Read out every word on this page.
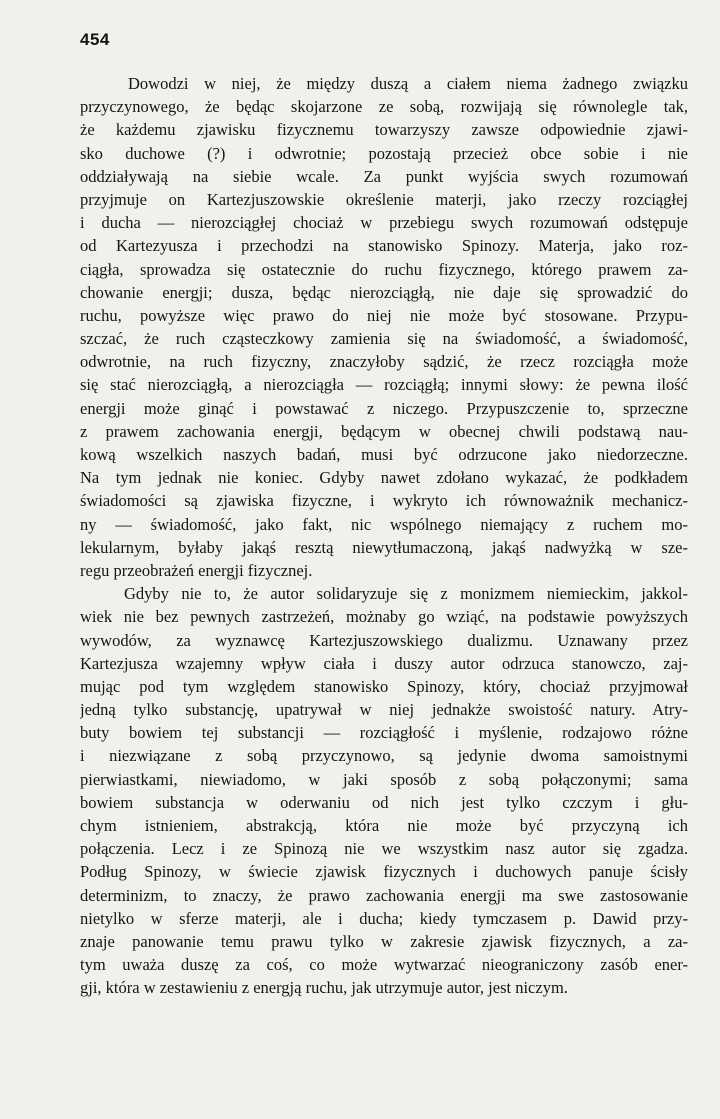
454
Dowodzi w niej, że między duszą a ciałem niema żadnego związku
przyczynowego, że będąc skojarzone ze sobą, rozwijają się równolegle tak,
że każdemu zjawisku fizycznemu towarzyszy zawsze odpowiednie zjawi-
sko duchowe (?) i odwrotnie; pozostają przecież obce sobie i nie
oddziaływają na siebie wcale. Za punkt wyjścia swych rozumowań
przyjmuje on Kartezjuszowskie określenie materji, jako rzeczy rozciągłej
i ducha — nierozciągłej chociaż w przebiegu swych rozumowań odstępuje
od Kartezyusza i przechodzi na stanowisko Spinozy. Materja, jako roz-
ciągła, sprowadza się ostatecznie do ruchu fizycznego, którego prawem za-
chowanie energji; dusza, będąc nierozciągłą, nie daje się sprowadzić do
ruchu, powyższe więc prawo do niej nie może być stosowane. Przypu-
szczać, że ruch cząsteczkowy zamienia się na świadomość, a świadomość,
odwrotnie, na ruch fizyczny, znaczyłoby sądzić, że rzecz rozciągła może
się stać nierozciągłą, a nierozciągła — rozciągłą; innymi słowy: że pewna ilość
energji może ginąć i powstawać z niczego. Przypuszczenie to, sprzeczne
z prawem zachowania energji, będącym w obecnej chwili podstawą nau-
kową wszelkich naszych badań, musi być odrzucone jako niedorzeczne.
Na tym jednak nie koniec. Gdyby nawet zdołano wykazać, że podkładem
świadomości są zjawiska fizyczne, i wykryto ich równoważnik mechanicz-
ny — świadomość, jako fakt, nic wspólnego niemający z ruchem mo-
lekularnym, byłaby jakąś resztą niewytłumaczoną, jakąś nadwyżką w sze-
regu przeobrażeń energji fizycznej.
Gdyby nie to, że autor solidaryzuje się z monizmem niemieckim, jakkol-
wiek nie bez pewnych zastrzeżeń, możnaby go wziąć, na podstawie powyższych
wywodów, za wyznawcę Kartezjuszowskiego dualizmu. Uznawany przez
Kartezjusza wzajemny wpływ ciała i duszy autor odrzuca stanowczo, zaj-
mując pod tym względem stanowisko Spinozy, który, chociaż przyjmował
jedną tylko substancję, upatrywał w niej jednakże swoistość natury. Atry-
buty bowiem tej substancji — rozciągłość i myślenie, rodzajowo różne
i niezwiązane z sobą przyczynowo, są jedynie dwoma samoistnymi
pierwiastkami, niewiadomo, w jaki sposób z sobą połączonymi; sama
bowiem substancja w oderwaniu od nich jest tylko czczym i głu-
chym istnieniem, abstrakcją, która nie może być przyczyną ich
połączenia. Lecz i ze Spinozą nie we wszystkim nasz autor się zgadza.
Podług Spinozy, w świecie zjawisk fizycznych i duchowych panuje ścisły
determinizm, to znaczy, że prawo zachowania energji ma swe zastosowanie
nietylko w sferze materji, ale i ducha; kiedy tymczasem p. Dawid przy-
znaje panowanie temu prawu tylko w zakresie zjawisk fizycznych, a za-
tym uważa duszę za coś, co może wytwarzać nieograniczony zasób ener-
gji, która w zestawieniu z energją ruchu, jak utrzymuje autor, jest niczym.
